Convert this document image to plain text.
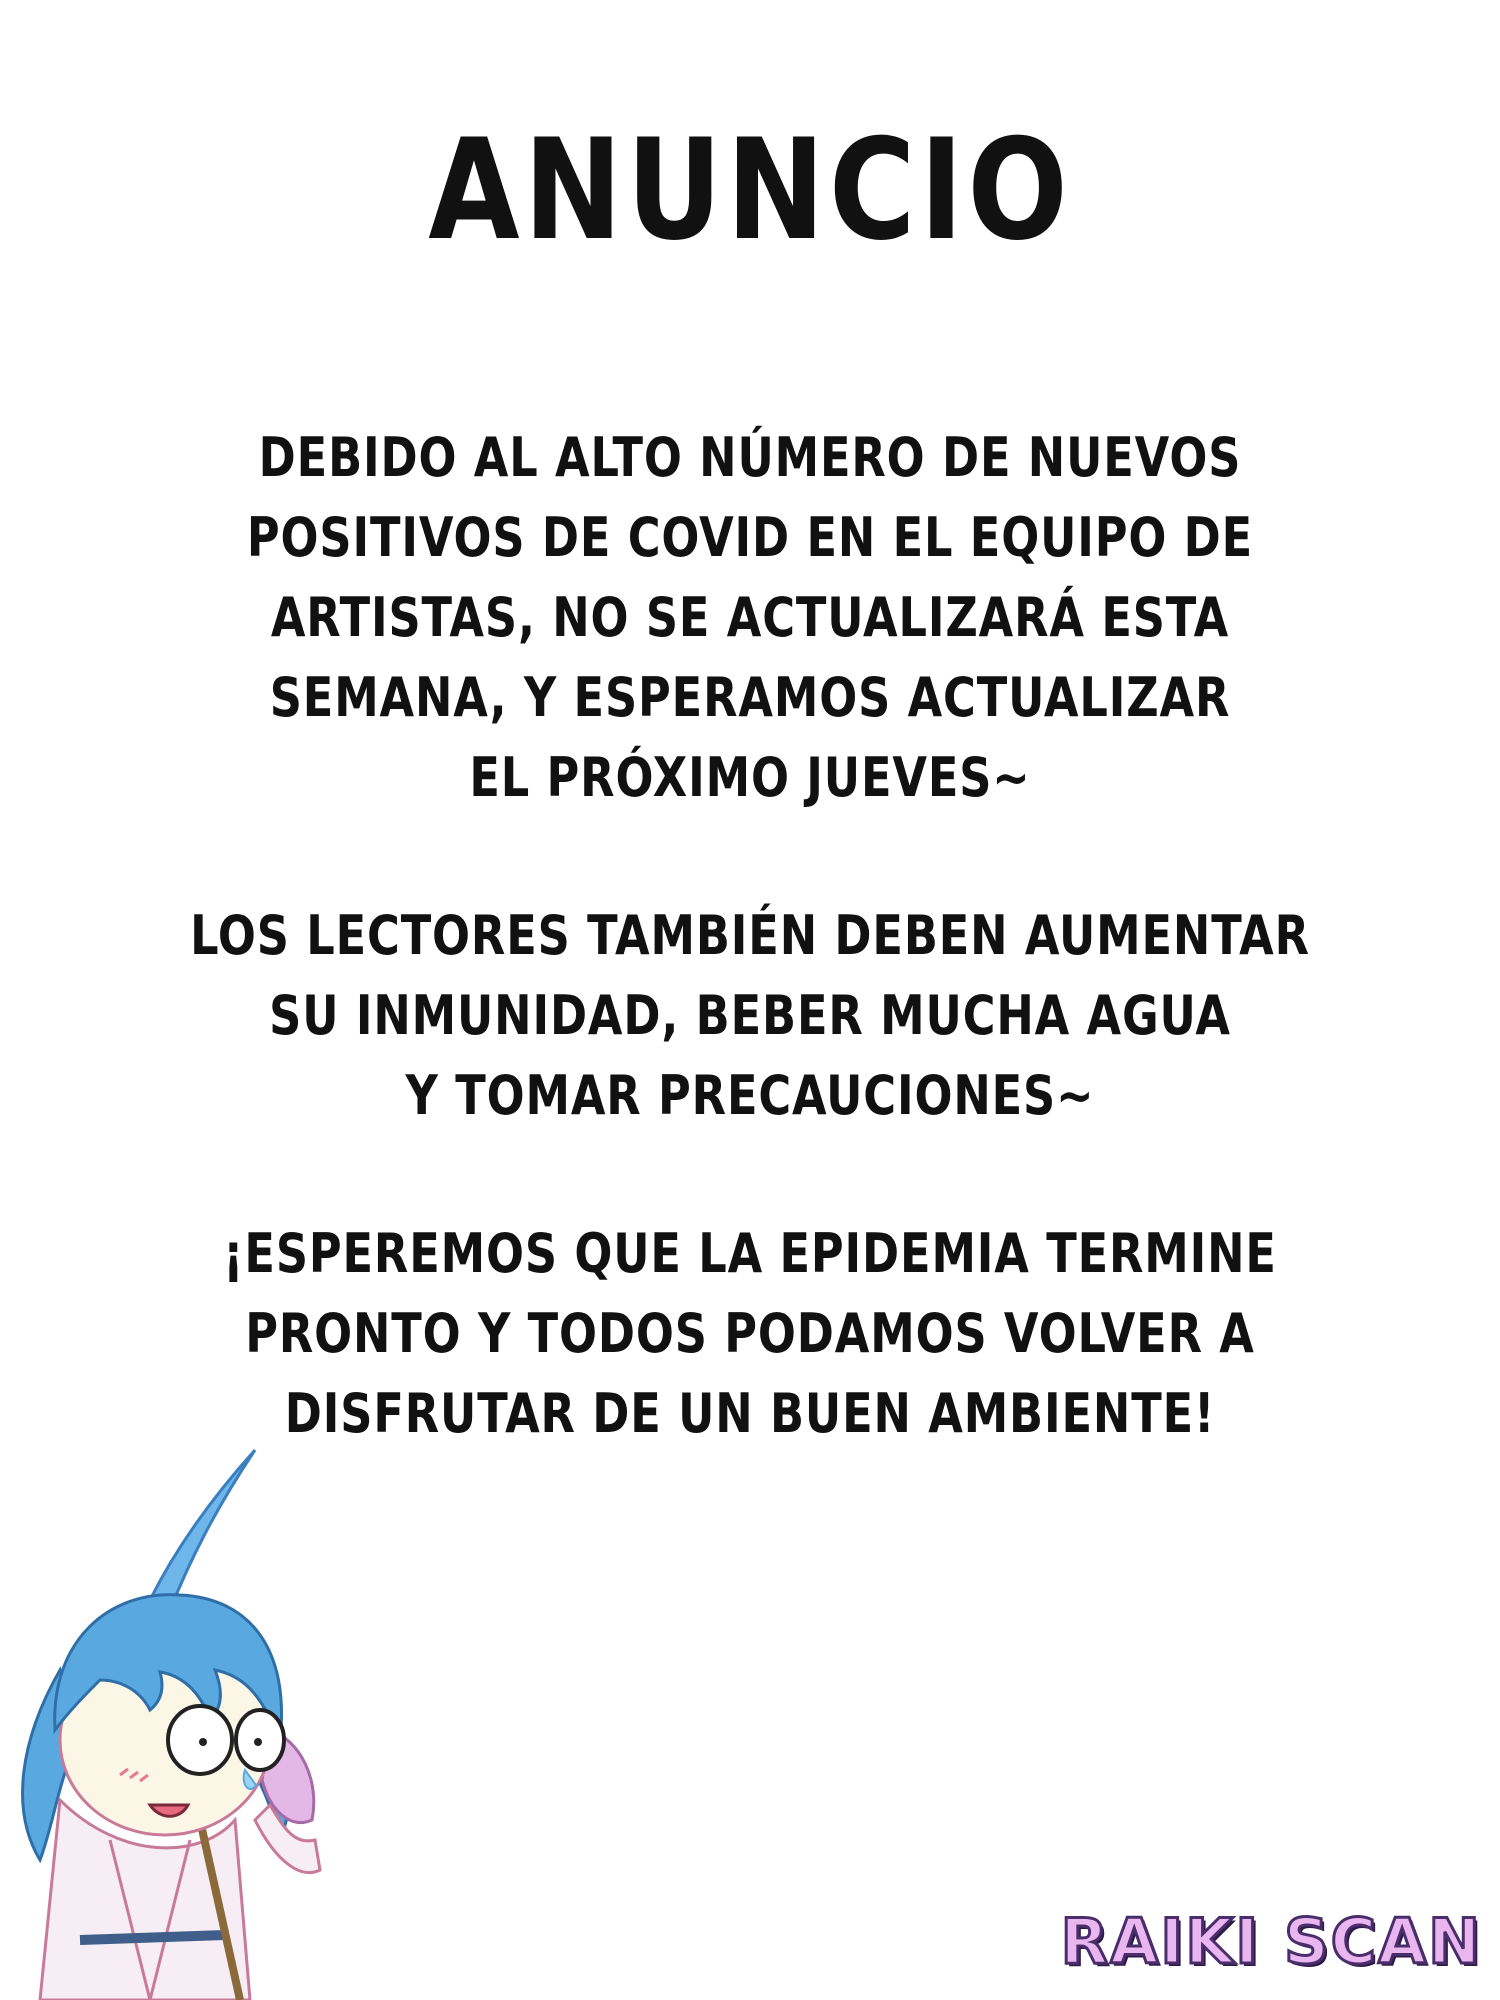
ANUNCIO
DEBIDO AL ALTO NÚMERO DE NUEVOS
POSITIVOS DE COVID EN EL EQUIPO DE
ARTISTAS, NO SE ACTUALIZARÁ ESTA
SEMANA, Y ESPERAMOS ACTUALIZAR
EL PRÓXIMO JUEVES~
LOS LECTORES TAMBIÉN DEBEN AUMENTAR
SU INMUNIDAD, BEBER MUCHA AGUA
Y TOMAR PRECAUCIONES~
¡ESPEREMOS QUE LA EPIDEMIA TERMINE
PRONTO Y TODOS PODAMOS VOLVER A
DISFRUTAR DE UN BUEN AMBIENTE!
RAIKI SCAN
